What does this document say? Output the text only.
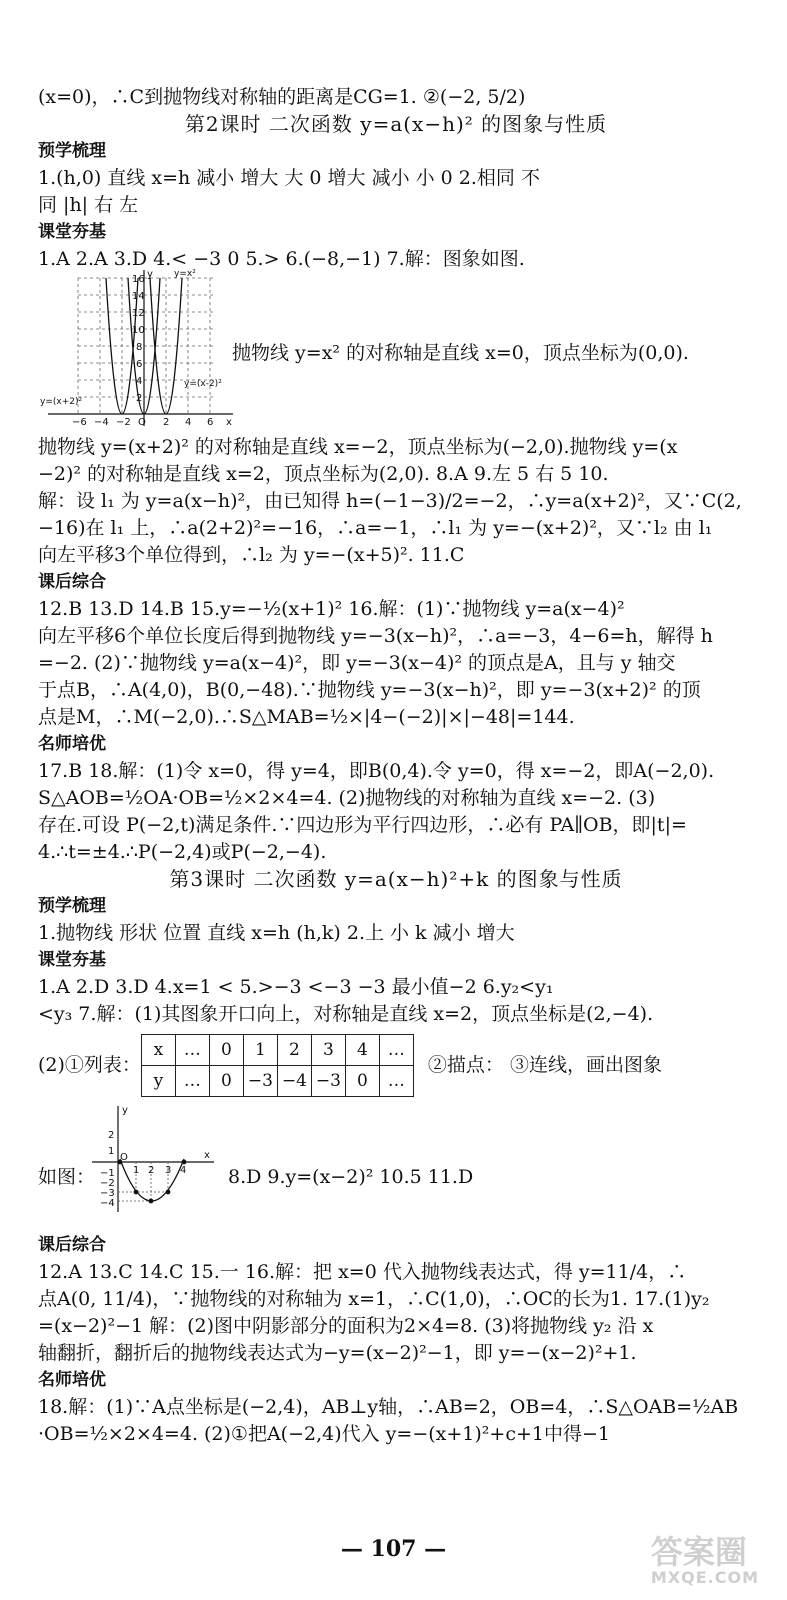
(x=0)，∴C到抛物线对称轴的距离是CG=1. ②(−2, 5/2)

第2课时 二次函数 y=a(x−h)² 的图象与性质

预学梳理

1.(h,0) 直线 x=h 减小 增大 大 0 增大 减小 小 0 2.相同 不

同 |h| 右 左

课堂夯基

1.A 2.A 3.D 4.< −3 0 5.> 6.(−8,−1) 7.解：图象如图.

16
14
12
10
8
6
4
2
−6 −4 −2 O 2 4 6 x
y y=x²
y=(x-2)²
y=(x+2)²
抛物线 y=x² 的对称轴是直线 x=0，顶点坐标为(0,0).

抛物线 y=(x+2)² 的对称轴是直线 x=−2，顶点坐标为(−2,0).抛物线 y=(x

−2)² 的对称轴是直线 x=2，顶点坐标为(2,0). 8.A 9.左 5 右 5 10.

解：设 l₁ 为 y=a(x−h)²，由已知得 h=(−1−3)/2=−2，∴y=a(x+2)²，又∵C(2,

−16)在 l₁ 上，∴a(2+2)²=−16，∴a=−1，∴l₁ 为 y=−(x+2)²，又∵l₂ 由 l₁

向左平移3个单位得到，∴l₂ 为 y=−(x+5)². 11.C

课后综合

12.B 13.D 14.B 15.y=−½(x+1)² 16.解：(1)∵抛物线 y=a(x−4)²

向左平移6个单位长度后得到抛物线 y=−3(x−h)²，∴a=−3，4−6=h，解得 h

=−2. (2)∵抛物线 y=a(x−4)²，即 y=−3(x−4)² 的顶点是A，且与 y 轴交

于点B，∴A(4,0)，B(0,−48).∵抛物线 y=−3(x−h)²，即 y=−3(x+2)² 的顶

点是M，∴M(−2,0).∴S△MAB=½×|4−(−2)|×|−48|=144.

名师培优

17.B 18.解：(1)令 x=0，得 y=4，即B(0,4).令 y=0，得 x=−2，即A(−2,0).

S△AOB=½OA·OB=½×2×4=4. (2)抛物线的对称轴为直线 x=−2. (3)

存在.可设 P(−2,t)满足条件.∵四边形为平行四边形，∴必有 PA∥OB，即|t|=

4.∴t=±4.∴P(−2,4)或P(−2,−4).

第3课时 二次函数 y=a(x−h)²+k 的图象与性质

预学梳理

1.抛物线 形状 位置 直线 x=h (h,k) 2.上 小 k 减小 增大

课堂夯基

1.A 2.D 3.D 4.x=1 < 5.>−3 <−3 −3 最小值−2 6.y₂<y₁

<y₃ 7.解：(1)其图象开口向上，对称轴是直线 x=2，顶点坐标是(2,−4).

(2)①列表：
x	…	0	1	2	3	4	…
y	…	0	−3	−4	−3	0	…
②描点： ③连线，画出图象
如图：	1 2 3 4
2
1
−1
−2
−3
−4
O	x
y
8.D 9.y=(x−2)² 10.5 11.D

课后综合

12.A 13.C 14.C 15.一 16.解：把 x=0 代入抛物线表达式，得 y=11/4，∴

点A(0, 11/4)，∵抛物线的对称轴为 x=1，∴C(1,0)，∴OC的长为1. 17.(1)y₂

=(x−2)²−1 解：(2)图中阴影部分的面积为2×4=8. (3)将抛物线 y₂ 沿 x

轴翻折，翻折后的抛物线表达式为−y=(x−2)²−1，即 y=−(x−2)²+1.

名师培优

18.解：(1)∵A点坐标是(−2,4)，AB⊥y轴，∴AB=2，OB=4，∴S△OAB=½AB

·OB=½×2×4=4. (2)①把A(−2,4)代入 y=−(x+1)²+c+1中得−1

— 107 —	答案圈
MXQE.COM
